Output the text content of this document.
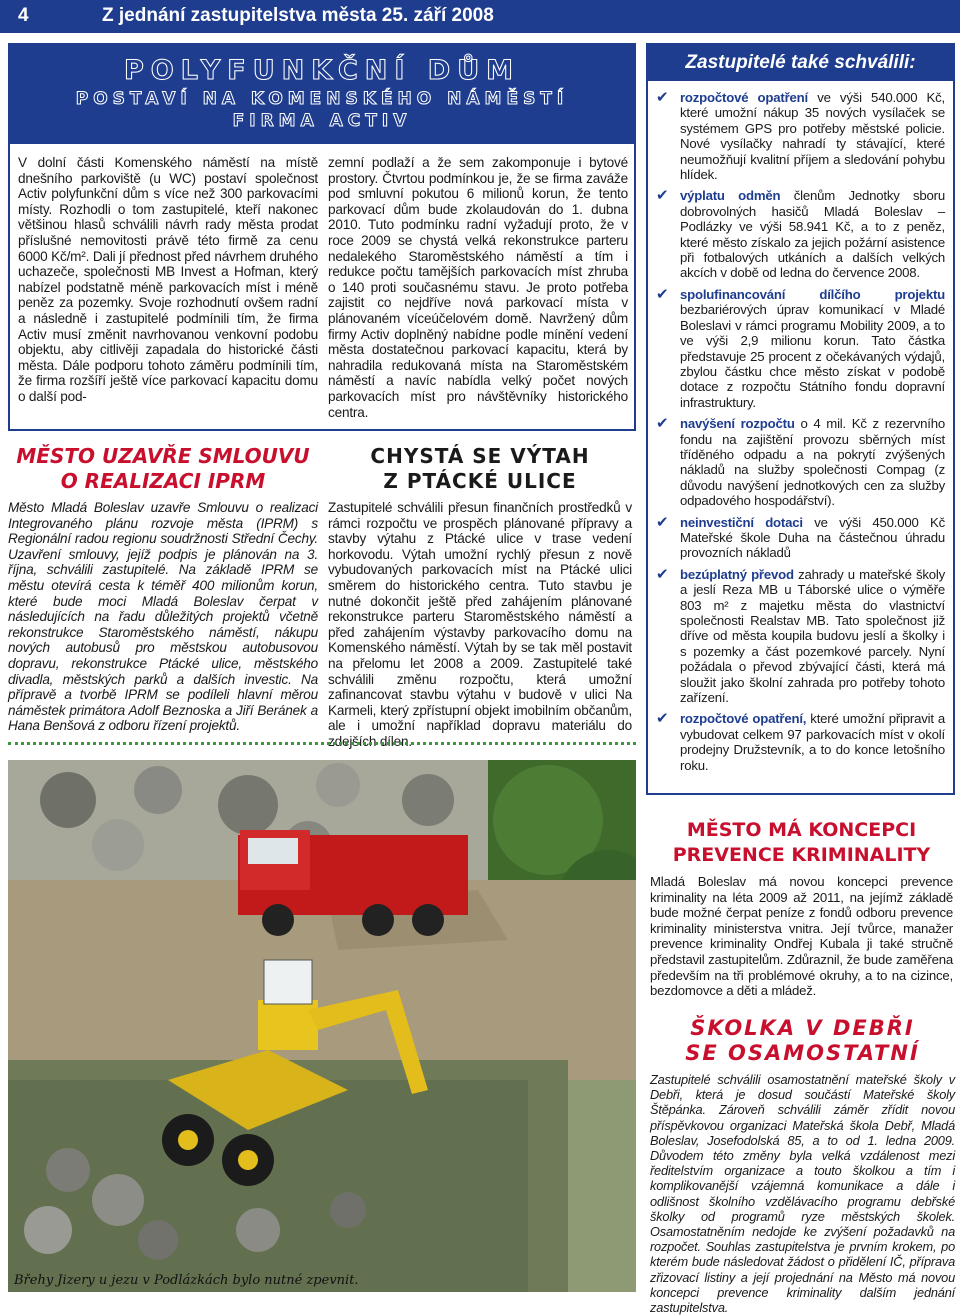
4	Z jednání zastupitelstva města 25. září 2008
POLYFUNKČNÍ DŮM
POSTAVÍ NA KOMENSKÉHO NÁMĚSTÍ
FIRMA ACTIV
V dolní části Komenského náměstí na místě dnešního parkoviště (u WC) postaví společnost Activ polyfunkční dům s více než 300 parkovacími místy. Rozhodli o tom zastupitelé, kteří nakonec většinou hlasů schválili návrh rady města prodat příslušné nemovitosti právě této firmě za cenu 6000 Kč/m². Dali jí přednost před návrhem druhého uchazeče, společnosti MB Invest a Hofman, který nabízel podstatně méně parkovacích míst i méně peněz za pozemky. Svoje rozhodnutí ovšem radní a následně i zastupitelé podmínili tím, že firma Activ musí změnit navrhovanou venkovní podobu objektu, aby citlivěji zapadala do historické části města. Dále podporu tohoto záměru podmínili tím, že firma rozšíří ještě více parkovací kapacitu domu o další pod-
zemní podlaží a že sem zakomponuje i bytové prostory. Čtvrtou podmínkou je, že se firma zaváže pod smluvní pokutou 6 milionů korun, že tento parkovací dům bude zkolaudován do 1. dubna 2010. Tuto podmínku radní vyžadují proto, že v roce 2009 se chystá velká rekonstrukce parteru nedalekého Staroměstského náměstí a tím i redukce počtu tamějších parkovacích míst zhruba o 140 proti současnému stavu. Je proto potřeba zajistit co nejdříve nová parkovací místa v plánovaném víceúčelovém domě. Navržený dům firmy Activ doplněný nabídne podle mínění vedení města dostatečnou parkovací kapacitu, která by nahradila redukovaná místa na Staroměstském náměstí a navíc nabídla velký počet nových parkovacích míst pro návštěvníky historického centra.
MĚSTO UZAVŘE SMLOUVU
O REALIZACI IPRM
Město Mladá Boleslav uzavře Smlouvu o realizaci Integrovaného plánu rozvoje města (IPRM) s Regionální radou regionu soudržnosti Střední Čechy. Uzavření smlouvy, jejíž podpis je plánován na 3. října, schválili zastupitelé. Na základě IPRM se městu otevírá cesta k téměř 400 milionům korun, které bude moci Mladá Boleslav čerpat v následujících na řadu důležitých projektů včetně rekonstrukce Staroměstského náměstí, nákupu nových autobusů pro městskou autobusovou dopravu, rekonstrukce Ptácké ulice, městského divadla, městských parků a dalších investic. Na přípravě a tvorbě IPRM se podíleli hlavní měrou náměstek primátora Adolf Beznoska a Jiří Beránek a Hana Benšová z odboru řízení projektů.
CHYSTÁ SE VÝTAH
Z PTÁCKÉ ULICE
Zastupitelé schválili přesun finančních prostředků v rámci rozpočtu ve prospěch plánované přípravy a stavby výtahu z Ptácké ulice v trase vedení horkovodu. Výtah umožní rychlý přesun z nově vybudovaných parkovacích míst na Ptácké ulici směrem do historického centra. Tuto stavbu je nutné dokončit ještě před zahájením plánované rekonstrukce parteru Staroměstského náměstí a před zahájením výstavby parkovacího domu na Komenského náměstí. Výtah by se tak měl postavit na přelomu let 2008 a 2009. Zastupitelé také schválili změnu rozpočtu, která umožní zafinancovat stavbu výtahu v budově v ulici Na Karmeli, který zpřístupní objekt imobilním občanům, ale i umožní například dopravu materiálu do zdejších dílen.
Břehy Jizery u jezu v Podlázkách bylo nutné zpevnit.
Zastupitelé také schválili:
✔ rozpočtové opatření ve výši 540.000 Kč, které umožní nákup 35 nových vysílaček se systémem GPS pro potřeby městské policie. Nové vysílačky nahradí ty stávající, které neumožňují kvalitní příjem a sledování pohybu hlídek.
✔ výplatu odměn členům Jednotky sboru dobrovolných hasičů Mladá Boleslav – Podlázky ve výši 58.941 Kč, a to z peněz, které město získalo za jejich požární asistence při fotbalových utkáních a dalších velkých akcích v době od ledna do července 2008.
✔ spolufinancování dílčího projektu bezbariérových úprav komunikací v Mladé Boleslavi v rámci programu Mobility 2009, a to ve výši 2,9 milionu korun. Tato částka představuje 25 procent z očekávaných výdajů, zbylou částku chce město získat v podobě dotace z rozpočtu Státního fondu dopravní infrastruktury.
✔ navýšení rozpočtu o 4 mil. Kč z rezervního fondu na zajištění provozu sběrných míst tříděného odpadu a na pokrytí zvýšených nákladů na služby společnosti Compag (z důvodu navýšení jednotkových cen za služby odpadového hospodářství).
✔ neinvestiční dotaci ve výši 450.000 Kč Mateřské škole Duha na částečnou úhradu provozních nákladů
✔ bezúplatný převod zahrady u mateřské školy a jeslí Reza MB u Táborské ulice o výměře 803 m² z majetku města do vlastnictví společnosti Realstav MB. Tato společnost již dříve od města koupila budovu jeslí a školky i s pozemky a část pozemkové parcely. Nyní požádala o převod zbývající části, která má sloužit jako školní zahrada pro potřeby tohoto zařízení.
✔ rozpočtové opatření, které umožní připravit a vybudovat celkem 97 parkovacích míst v okolí prodejny Družstevník, a to do konce letošního roku.
MĚSTO MÁ KONCEPCI
PREVENCE KRIMINALITY
Mladá Boleslav má novou koncepci prevence kriminality na léta 2009 až 2011, na jejímž základě bude možné čerpat peníze z fondů odboru prevence kriminality ministerstva vnitra. Její tvůrce, manažer prevence kriminality Ondřej Kubala ji také stručně představil zastupitelům. Zdůraznil, že bude zaměřena především na tři problémové okruhy, a to na cizince, bezdomovce a děti a mládež.
ŠKOLKA V DEBŘI
SE OSAMOSTATNÍ
Zastupitelé schválili osamostatnění mateřské školy v Debři, která je dosud součástí Mateřské školy Štěpánka. Zároveň schválili záměr zřídit novou příspěvkovou organizaci Mateřská škola Debř, Mladá Boleslav, Josefodolská 85, a to od 1. ledna 2009. Důvodem této změny byla velká vzdálenost mezi ředitelstvím organizace a touto školkou a tím i komplikovanější vzájemná komunikace a dále i odlišnost školního vzdělávacího programu debřské školky od programů ryze městských školek. Osamostatněním nedojde ke zvýšení požadavků na rozpočet. Souhlas zastupitelstva je prvním krokem, po kterém bude následovat žádost o přidělení IČ, příprava zřizovací listiny a její projednání na Město má novou koncepci prevence kriminality dalším jednání zastupitelstva.
